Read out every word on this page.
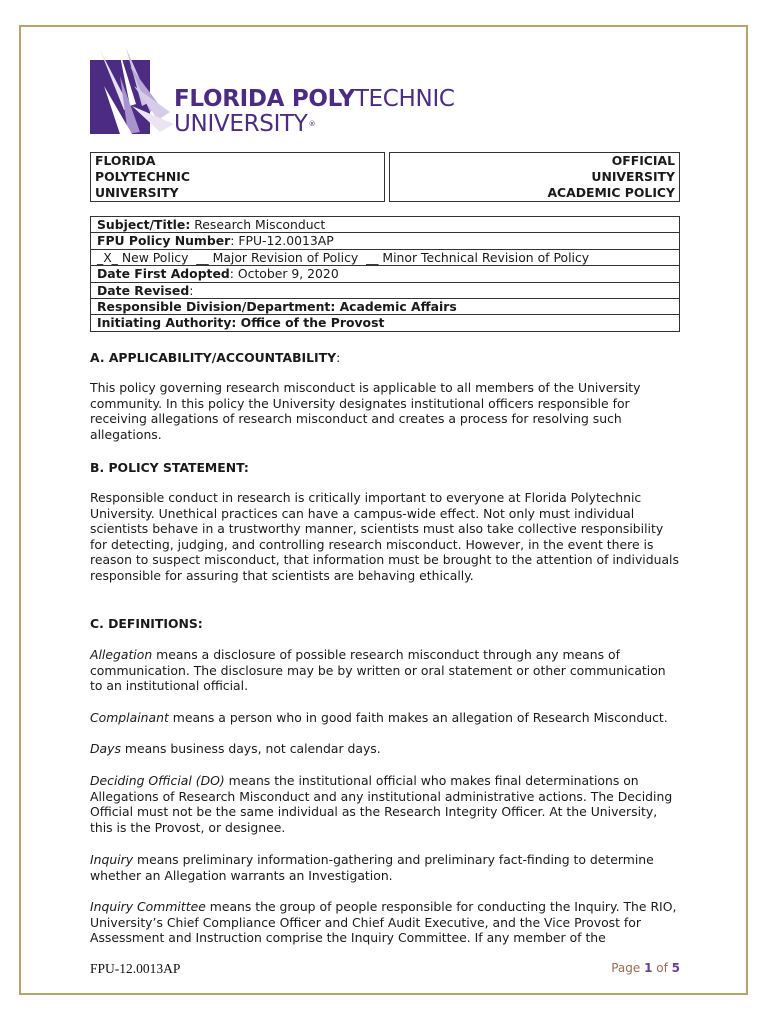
FLORIDA POLYTECHNIC
UNIVERSITY®
FLORIDA
POLYTECHNIC
UNIVERSITY

OFFICIAL
UNIVERSITY
ACADEMIC POLICY
Subject/Title: Research Misconduct
FPU Policy Number: FPU-12.0013AP
_X_ New Policy  __ Major Revision of Policy  __ Minor Technical Revision of Policy
Date First Adopted: October 9, 2020
Date Revised:
Responsible Division/Department: Academic Affairs
Initiating Authority: Office of the Provost
A. APPLICABILITY/ACCOUNTABILITY:

This policy governing research misconduct is applicable to all members of the University community. In this policy the University designates institutional officers responsible for receiving allegations of research misconduct and creates a process for resolving such allegations.

B. POLICY STATEMENT:

Responsible conduct in research is critically important to everyone at Florida Polytechnic University. Unethical practices can have a campus-wide effect. Not only must individual scientists behave in a trustworthy manner, scientists must also take collective responsibility for detecting, judging, and controlling research misconduct. However, in the event there is reason to suspect misconduct, that information must be brought to the attention of individuals responsible for assuring that scientists are behaving ethically.

C. DEFINITIONS:

Allegation means a disclosure of possible research misconduct through any means of communication. The disclosure may be by written or oral statement or other communication to an institutional official.

Complainant means a person who in good faith makes an allegation of Research Misconduct.

Days means business days, not calendar days.

Deciding Official (DO) means the institutional official who makes final determinations on Allegations of Research Misconduct and any institutional administrative actions. The Deciding Official must not be the same individual as the Research Integrity Officer. At the University, this is the Provost, or designee.

Inquiry means preliminary information-gathering and preliminary fact-finding to determine whether an Allegation warrants an Investigation.

Inquiry Committee means the group of people responsible for conducting the Inquiry. The RIO, University’s Chief Compliance Officer and Chief Audit Executive, and the Vice Provost for Assessment and Instruction comprise the Inquiry Committee. If any member of the

FPU-12.0013AP	Page 1 of 5
